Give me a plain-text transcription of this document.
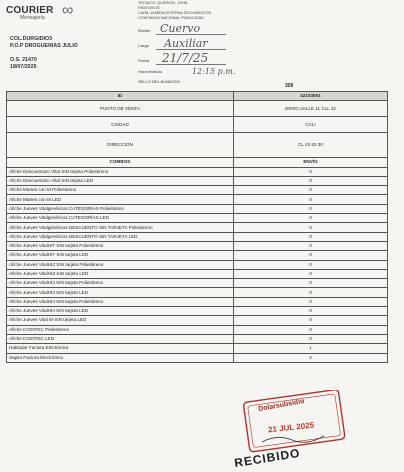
COURIER
Mensajería ∞	TECNICO: QUERION, JOHN
REMITENTE
CARA. UMBRIA INTERNA DOCUMENTOS
CONFIANZA NACIONAL PUBLICIDAD
Recibe Cuervo
Cargo Auxiliar
Fecha 21/7/25
Hora recibido	12:15 p.m.
SELLO DEL ALMACEN
COL.DURGIDIO3
P.O.P DROGUERIAS JULIO
O.S. 21470
18/07/2025
309
ID	42103001
PUNTO DE VENTA	DROG.VALLE 11 CLL 42
CIUDAD	CALI
DIRECCIÓN	CL 42 93 30
COMBOS	ENVÍO
Afiche Descuentazo Vital SIN tarjeta Poliestireno	0
Afiche Descuentazo Vital SIN tarjeta LED	0
Afiche Martes con M Poliestireno	0
Afiche Martes con M LED	0
Afiche Jueves Vitalgenéricos CATEGORÍAS Poliestireno	0
Afiche Jueves Vitalgenéricos CATEGORÍAS LED	0
Afiche Jueves Vitalgenéricos DESCUENTO SIN TARJETA Poliestireno	0
Afiche Jueves Vitalgenéricos DESCUENTO SIN TARJETA LED	0
Afiche Jueves VitalHIT SIN tarjeta Poliestireno	0
Afiche Jueves VitalHIT SIN tarjeta LED	0
Afiche Jueves VitalHIZ SIN tarjeta Poliestireno	0
Afiche Jueves VitalHIZ SIN tarjeta LED	0
Afiche Jueves VitalHI3 SIN tarjeta Poliestireno	0
Afiche Jueves VitalHI3 SIN tarjeta LED	0
Afiche Jueves VitalHI4 SIN tarjeta Poliestireno	0
Afiche Jueves VitalHI4 SIN tarjeta LED	0
Afiche Jueves Vital M-SIN tarjeta LED	0
Afiche ICONTEC Poliestireno	0
Afiche ICONTEC LED	0
Habladar Factura Electrónica	1
Sapito Factura Electrónica	2
Dolarsubsidio
21 JUL 2025
RECIBIDO
